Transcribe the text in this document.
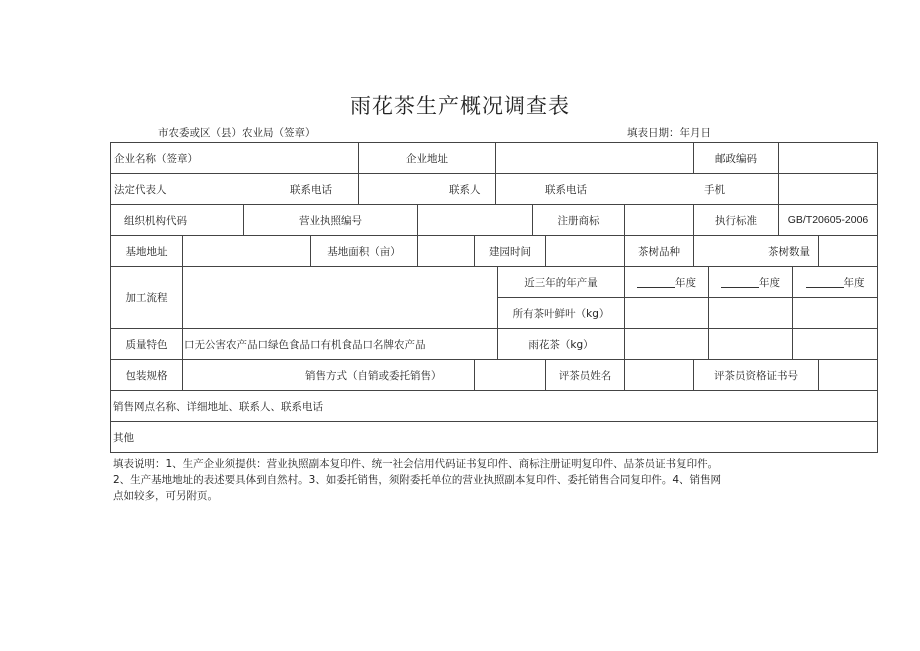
雨花茶生产概况调查表
市农委或区（县）农业局（签章）	填表日期：年月日
企业名称（签章）	企业地址	邮政编码
法定代表人	联系电话	联系人	联系电话	手机
组织机构代码	营业执照编号	注册商标	执行标准	GB/T20605-2006
基地地址	基地面积（亩）	建园时间	茶树品种	茶树数量
加工流程
近三年的年产量	年度	年度	年度
所有茶叶鲜叶（kg）
质量特色	口无公害农产品口绿色食品口有机食品口名牌农产品	雨花茶（kg）
包装规格	销售方式（自销或委托销售）	评茶员姓名	评茶员资格证书号
销售网点名称、详细地址、联系人、联系电话
其他
填表说明：1、生产企业须提供：营业执照副本复印件、统一社会信用代码证书复印件、商标注册证明复印件、品茶员证书复印件。
2、生产基地地址的表述要具体到自然村。3、如委托销售，须附委托单位的营业执照副本复印件、委托销售合同复印件。4、销售网
点如较多，可另附页。
